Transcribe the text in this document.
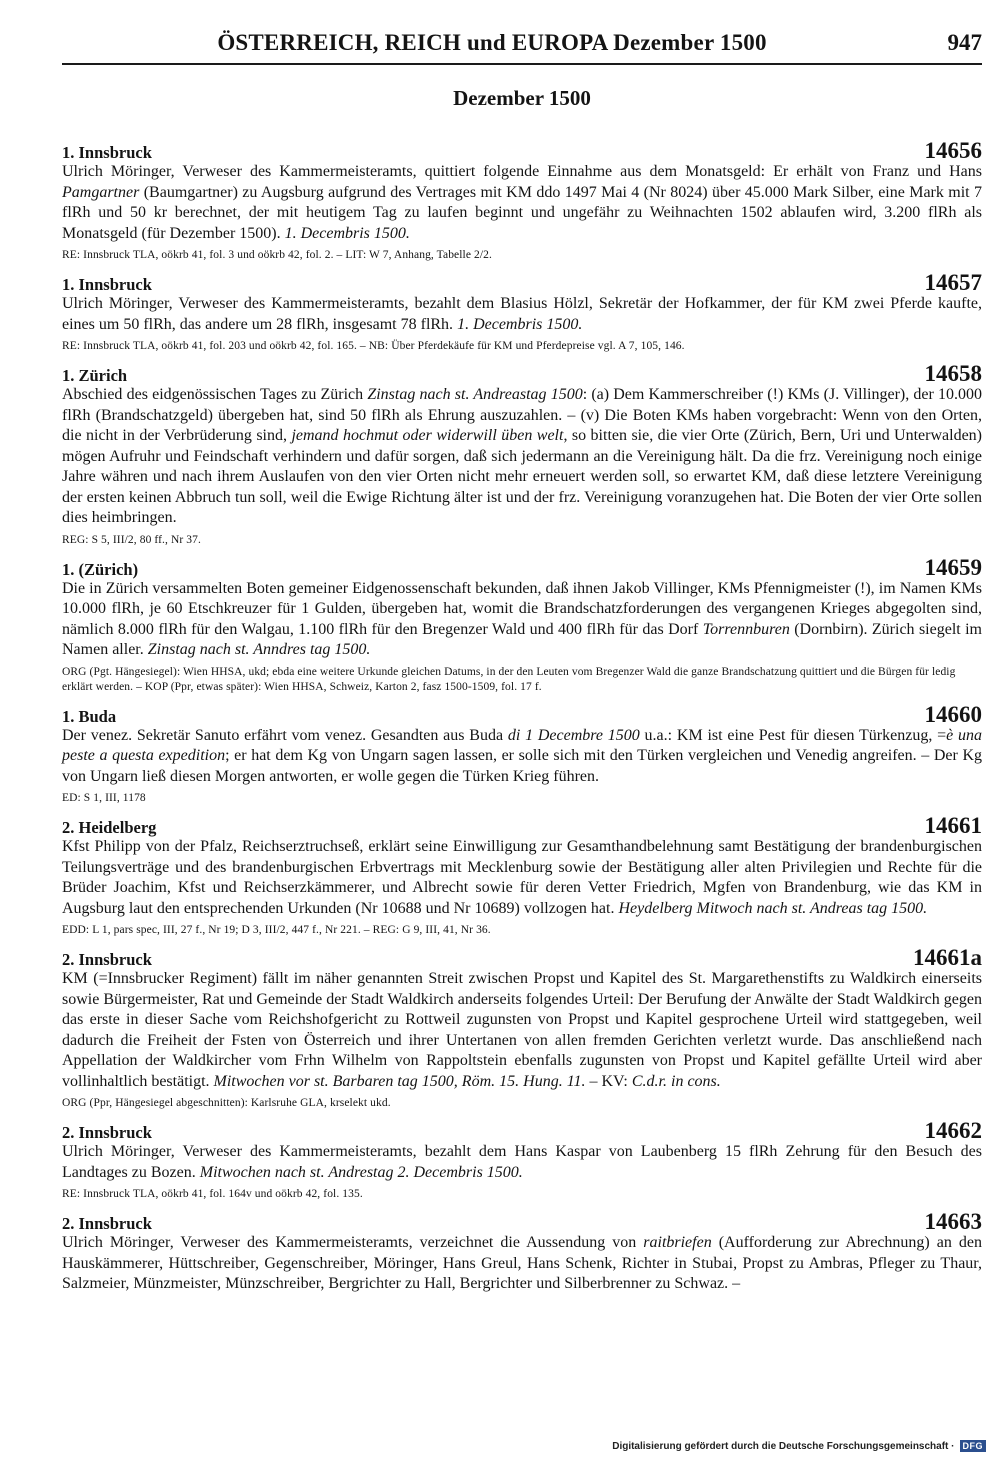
ÖSTERREICH, REICH und EUROPA Dezember 1500	947
Dezember 1500
1. Innsbruck	14656

Ulrich Möringer, Verweser des Kammermeisteramts, quittiert folgende Einnahme aus dem Monatsgeld: Er erhält von Franz und Hans Pamgartner (Baumgartner) zu Augsburg aufgrund des Vertrages mit KM ddo 1497 Mai 4 (Nr 8024) über 45.000 Mark Silber, eine Mark mit 7 flRh und 50 kr berechnet, der mit heutigem Tag zu laufen beginnt und ungefähr zu Weihnachten 1502 ablaufen wird, 3.200 flRh als Monatsgeld (für Dezember 1500). 1. Decembris 1500.

RE: Innsbruck TLA, oökrb 41, fol. 3 und oökrb 42, fol. 2. – LIT: W 7, Anhang, Tabelle 2/2.
1. Innsbruck	14657

Ulrich Möringer, Verweser des Kammermeisteramts, bezahlt dem Blasius Hölzl, Sekretär der Hofkammer, der für KM zwei Pferde kaufte, eines um 50 flRh, das andere um 28 flRh, insgesamt 78 flRh. 1. Decembris 1500.

RE: Innsbruck TLA, oökrb 41, fol. 203 und oökrb 42, fol. 165. – NB: Über Pferdekäufe für KM und Pferdepreise vgl. A 7, 105, 146.
1. Zürich	14658

Abschied des eidgenössischen Tages zu Zürich Zinstag nach st. Andreastag 1500: (a) Dem Kammerschreiber (!) KMs (J. Villinger), der 10.000 flRh (Brandschatzgeld) übergeben hat, sind 50 flRh als Ehrung auszuzahlen. – (v) Die Boten KMs haben vorgebracht: Wenn von den Orten, die nicht in der Verbrüderung sind, jemand hochmut oder widerwill üben welt, so bitten sie, die vier Orte (Zürich, Bern, Uri und Unterwalden) mögen Aufruhr und Feindschaft verhindern und dafür sorgen, daß sich jedermann an die Vereinigung hält. Da die frz. Vereinigung noch einige Jahre währen und nach ihrem Auslaufen von den vier Orten nicht mehr erneuert werden soll, so erwartet KM, daß diese letztere Vereinigung der ersten keinen Abbruch tun soll, weil die Ewige Richtung älter ist und der frz. Vereinigung voranzugehen hat. Die Boten der vier Orte sollen dies heimbringen.

REG: S 5, III/2, 80 ff., Nr 37.
1. (Zürich)	14659

Die in Zürich versammelten Boten gemeiner Eidgenossenschaft bekunden, daß ihnen Jakob Villinger, KMs Pfennigmeister (!), im Namen KMs 10.000 flRh, je 60 Etschkreuzer für 1 Gulden, übergeben hat, womit die Brandschatzforderungen des vergangenen Krieges abgegolten sind, nämlich 8.000 flRh für den Walgau, 1.100 flRh für den Bregenzer Wald und 400 flRh für das Dorf Torrennburen (Dornbirn). Zürich siegelt im Namen aller. Zinstag nach st. Anndres tag 1500.

ORG (Pgt. Hängesiegel): Wien HHSA, ukd; ebda eine weitere Urkunde gleichen Datums, in der den Leuten vom Bregenzer Wald die ganze Brandschatzung quittiert und die Bürgen für ledig erklärt werden. – KOP (Ppr, etwas später): Wien HHSA, Schweiz, Karton 2, fasz 1500-1509, fol. 17 f.
1. Buda	14660

Der venez. Sekretär Sanuto erfährt vom venez. Gesandten aus Buda di 1 Decembre 1500 u.a.: KM ist eine Pest für diesen Türkenzug, =è una peste a questa expedition; er hat dem Kg von Ungarn sagen lassen, er solle sich mit den Türken vergleichen und Venedig angreifen. – Der Kg von Ungarn ließ diesen Morgen antworten, er wolle gegen die Türken Krieg führen.

ED: S 1, III, 1178
2. Heidelberg	14661

Kfst Philipp von der Pfalz, Reichserztruchseß, erklärt seine Einwilligung zur Gesamthandbelehnung samt Bestätigung der brandenburgischen Teilungsverträge und des brandenburgischen Erbvertrags mit Mecklenburg sowie der Bestätigung aller alten Privilegien und Rechte für die Brüder Joachim, Kfst und Reichserzkämmerer, und Albrecht sowie für deren Vetter Friedrich, Mgfen von Brandenburg, wie das KM in Augsburg laut den entsprechenden Urkunden (Nr 10688 und Nr 10689) vollzogen hat. Heydelberg Mitwoch nach st. Andreas tag 1500.

EDD: L 1, pars spec, III, 27 f., Nr 19; D 3, III/2, 447 f., Nr 221. – REG: G 9, III, 41, Nr 36.
2. Innsbruck	14661a

KM (=Innsbrucker Regiment) fällt im näher genannten Streit zwischen Propst und Kapitel des St. Margarethenstifts zu Waldkirch einerseits sowie Bürgermeister, Rat und Gemeinde der Stadt Waldkirch anderseits folgendes Urteil: Der Berufung der Anwälte der Stadt Waldkirch gegen das erste in dieser Sache vom Reichshofgericht zu Rottweil zugunsten von Propst und Kapitel gesprochene Urteil wird stattgegeben, weil dadurch die Freiheit der Fsten von Österreich und ihrer Untertanen von allen fremden Gerichten verletzt wurde. Das anschließend nach Appellation der Waldkircher vom Frhn Wilhelm von Rappoltstein ebenfalls zugunsten von Propst und Kapitel gefällte Urteil wird aber vollinhaltlich bestätigt. Mitwochen vor st. Barbaren tag 1500, Röm. 15. Hung. 11. – KV: C.d.r. in cons.

ORG (Ppr, Hängesiegel abgeschnitten): Karlsruhe GLA, krselekt ukd.
2. Innsbruck	14662

Ulrich Möringer, Verweser des Kammermeisteramts, bezahlt dem Hans Kaspar von Laubenberg 15 flRh Zehrung für den Besuch des Landtages zu Bozen. Mitwochen nach st. Andrestag 2. Decembris 1500.

RE: Innsbruck TLA, oökrb 41, fol. 164v und oökrb 42, fol. 135.
2. Innsbruck	14663

Ulrich Möringer, Verweser des Kammermeisteramts, verzeichnet die Aussendung von raitbriefen (Aufforderung zur Abrechnung) an den Hauskämmerer, Hüttschreiber, Gegenschreiber, Möringer, Hans Greul, Hans Schenk, Richter in Stubai, Propst zu Ambras, Pfleger zu Thaur, Salzmeier, Münzmeister, Münzschreiber, Bergrichter zu Hall, Bergrichter und Silberbrenner zu Schwaz. –

Digitalisierung gefördert durch die Deutsche Forschungsgemeinschaft · DFG
